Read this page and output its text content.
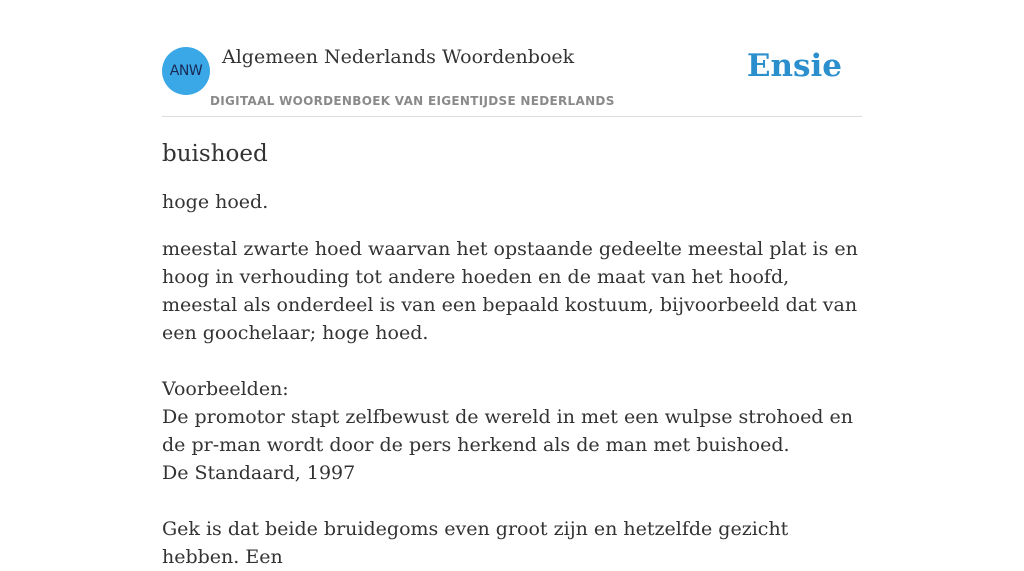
ANW
Algemeen Nederlands Woordenboek
DIGITAAL WOORDENBOEK VAN EIGENTIJDSE NEDERLANDS
Ensie
buishoed

hoge hoed.

meestal zwarte hoed waarvan het opstaande gedeelte meestal plat is en hoog in verhouding tot andere hoeden en de maat van het hoofd, meestal als onderdeel is van een bepaald kostuum, bijvoorbeeld dat van een goochelaar; hoge hoed.

Voorbeelden:

De promotor stapt zelfbewust de wereld in met een wulpse strohoed en de pr-man wordt door de pers herkend als de man met buishoed.

De Standaard, 1997

Gek is dat beide bruidegoms even groot zijn en hetzelfde gezicht hebben. Een
